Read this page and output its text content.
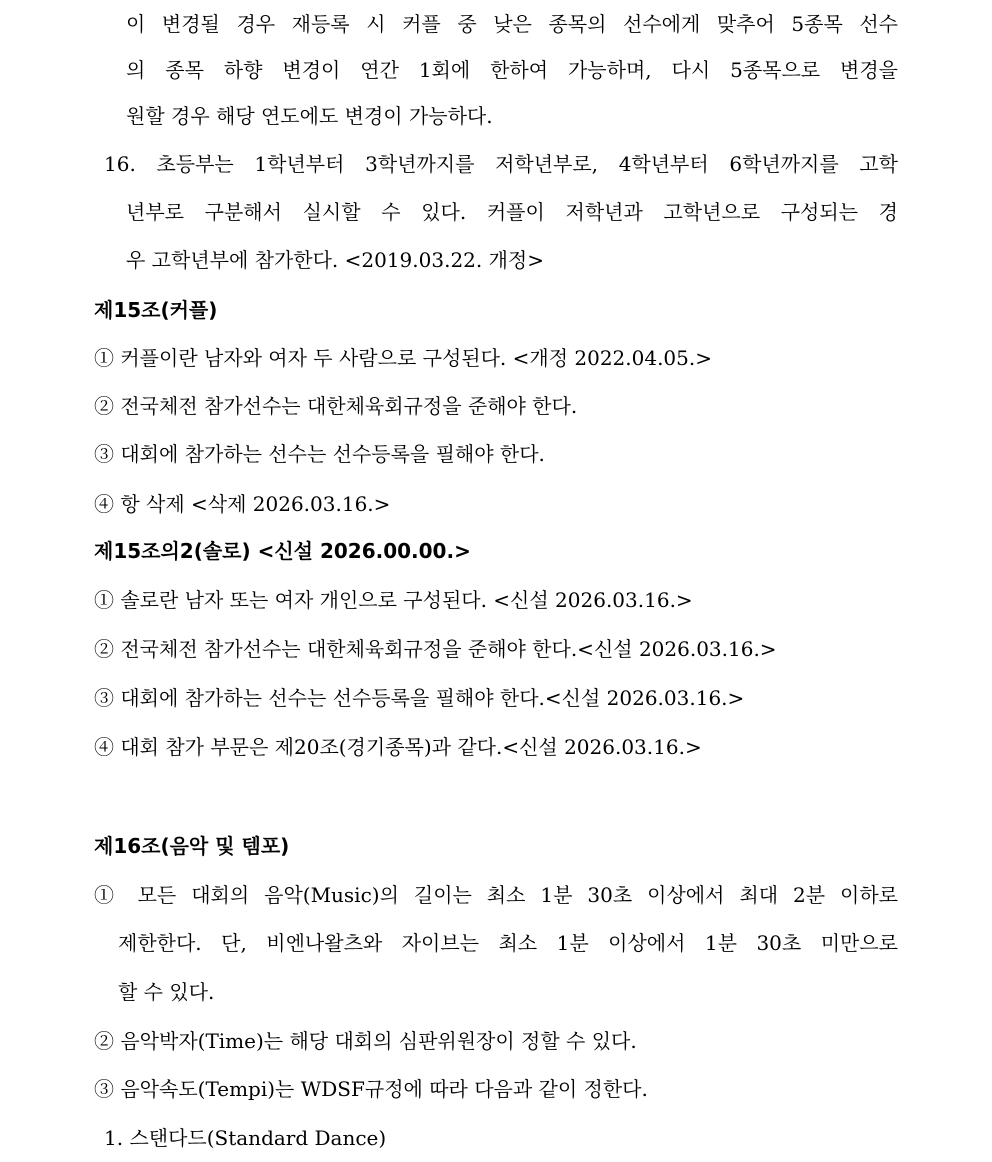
이 변경될 경우 재등록 시 커플 중 낮은 종목의 선수에게 맞추어 5종목 선수
의 종목 하향 변경이 연간 1회에 한하여 가능하며, 다시 5종목으로 변경을
원할 경우 해당 연도에도 변경이 가능하다.
16. 초등부는 1학년부터 3학년까지를 저학년부로, 4학년부터 6학년까지를 고학
년부로 구분해서 실시할 수 있다. 커플이 저학년과 고학년으로 구성되는 경
우 고학년부에 참가한다. <2019.03.22. 개정>
제15조(커플)
① 커플이란 남자와 여자 두 사람으로 구성된다. <개정 2022.04.05.>
② 전국체전 참가선수는 대한체육회규정을 준해야 한다.
③ 대회에 참가하는 선수는 선수등록을 필해야 한다.
④ 항 삭제 <삭제 2026.03.16.>
제15조의2(솔로) <신설 2026.00.00.>
① 솔로란 남자 또는 여자 개인으로 구성된다. <신설 2026.03.16.>
② 전국체전 참가선수는 대한체육회규정을 준해야 한다.<신설 2026.03.16.>
③ 대회에 참가하는 선수는 선수등록을 필해야 한다.<신설 2026.03.16.>
④ 대회 참가 부문은 제20조(경기종목)과 같다.<신설 2026.03.16.>
제16조(음악 및 템포)
① 모든 대회의 음악(Music)의 길이는 최소 1분 30초 이상에서 최대 2분 이하로
제한한다. 단, 비엔나왈츠와 자이브는 최소 1분 이상에서 1분 30초 미만으로
할 수 있다.
② 음악박자(Time)는 해당 대회의 심판위원장이 정할 수 있다.
③ 음악속도(Tempi)는 WDSF규정에 따라 다음과 같이 정한다.
1. 스탠다드(Standard Dance)
